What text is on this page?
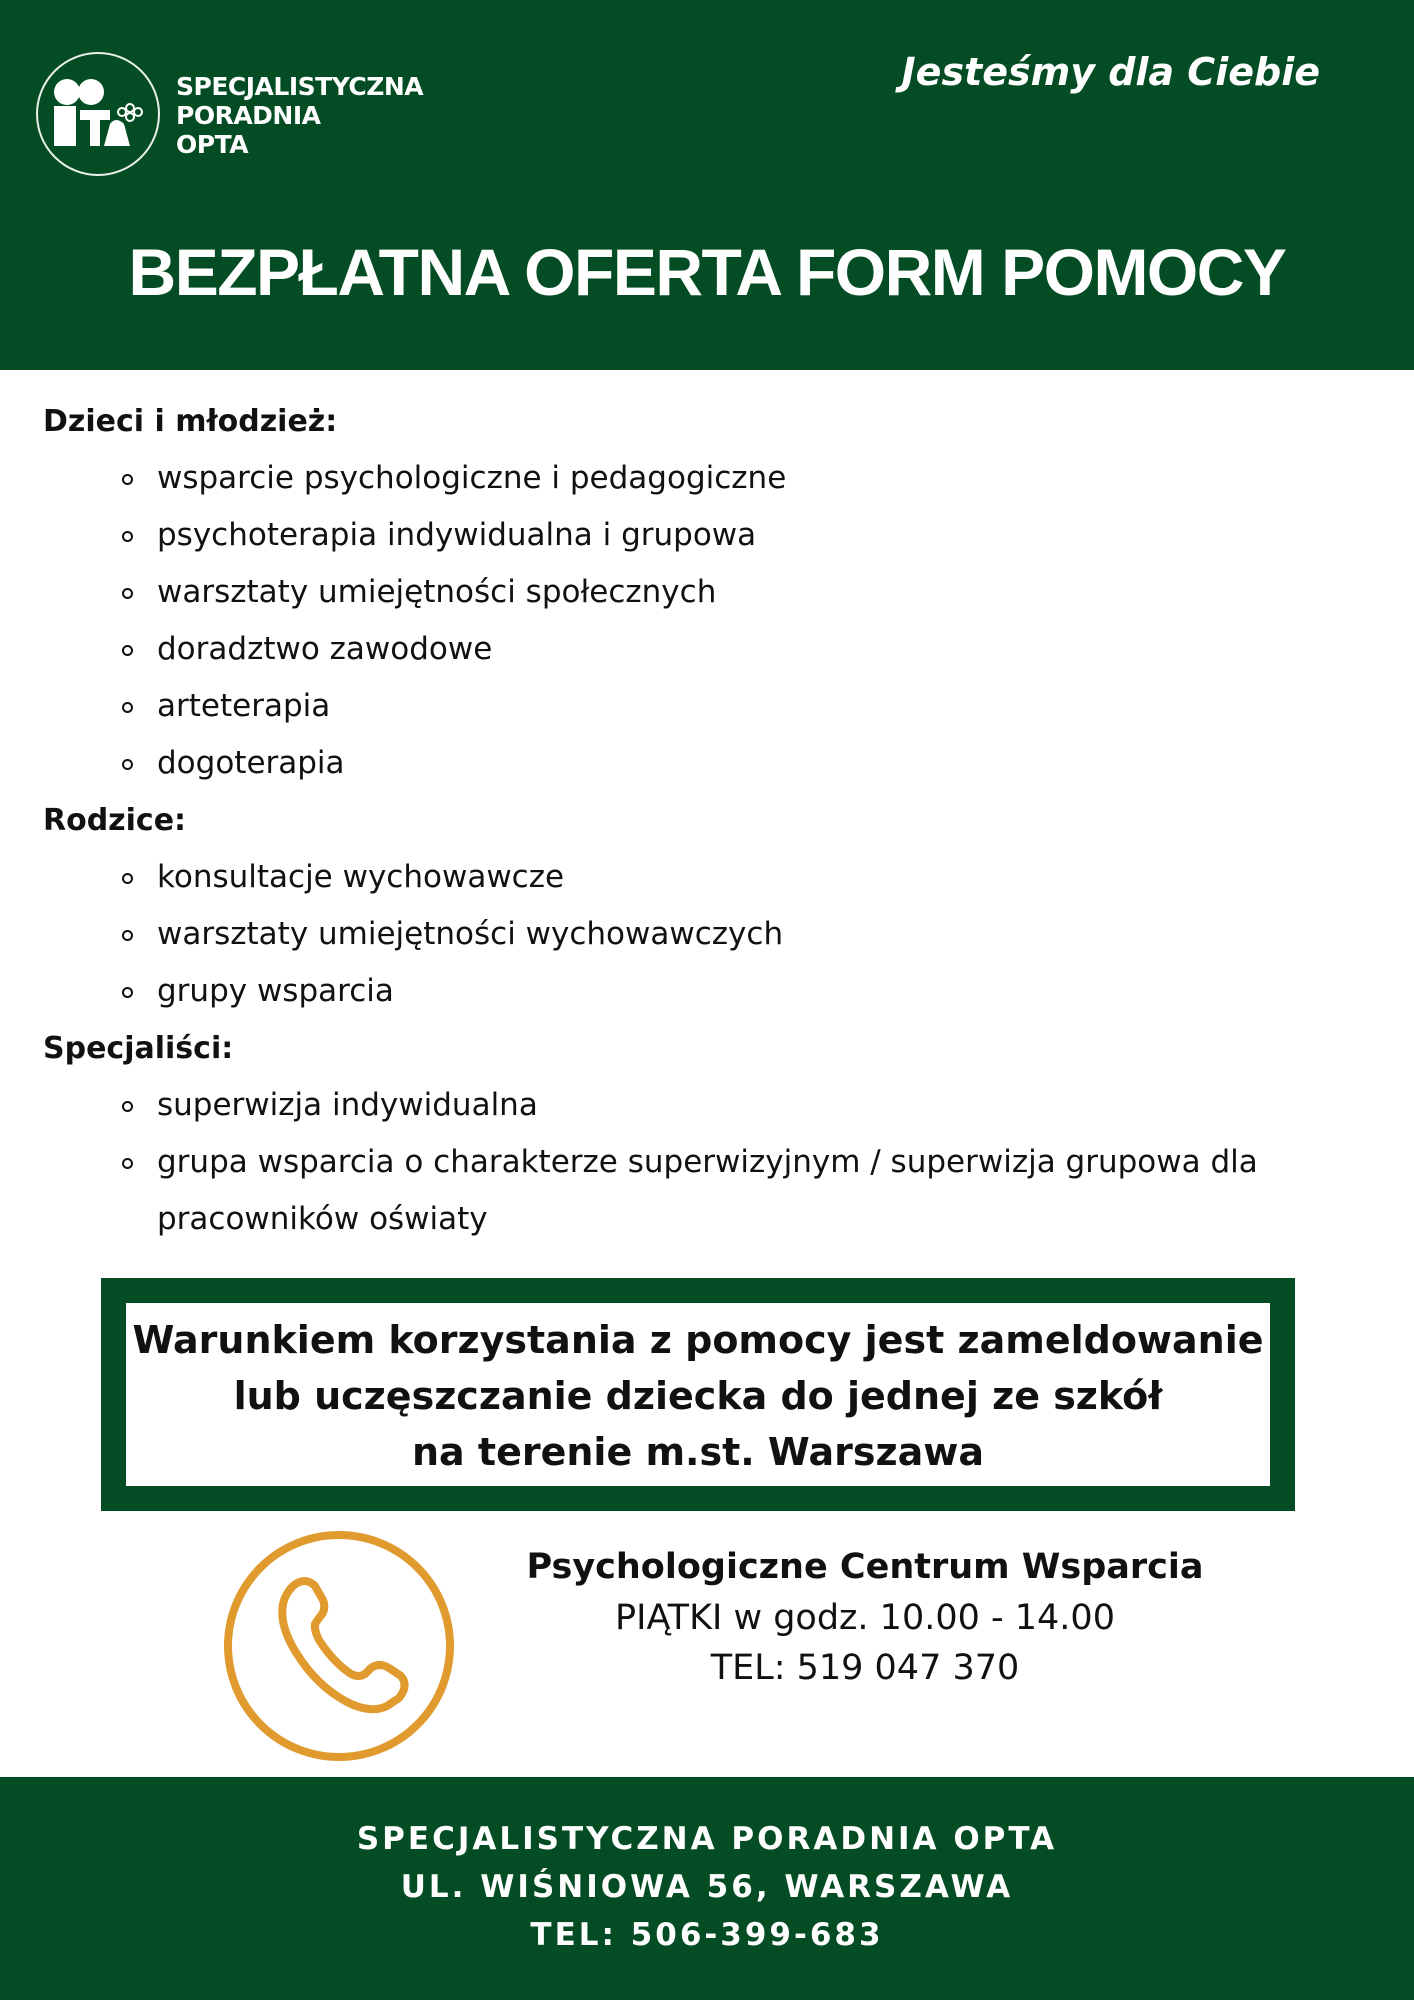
SPECJALISTYCZNA
PORADNIA
OPTA
Jesteśmy dla Ciebie
BEZPŁATNA OFERTA FORM POMOCY
Dzieci i młodzież:
wsparcie psychologiczne i pedagogiczne
psychoterapia indywidualna i grupowa
warsztaty umiejętności społecznych
doradztwo zawodowe
arteterapia
dogoterapia
Rodzice:
konsultacje wychowawcze
warsztaty umiejętności wychowawczych
grupy wsparcia
Specjaliści:
superwizja indywidualna
grupa wsparcia o charakterze superwizyjnym / superwizja grupowa dla pracowników oświaty
Warunkiem korzystania z pomocy jest zameldowanie
lub uczęszczanie dziecka do jednej ze szkół
na terenie m.st. Warszawa
Psychologiczne Centrum Wsparcia
PIĄTKI w godz. 10.00 - 14.00
TEL: 519 047 370
SPECJALISTYCZNA PORADNIA OPTA
UL. WIŚNIOWA 56, WARSZAWA
TEL: 506-399-683
